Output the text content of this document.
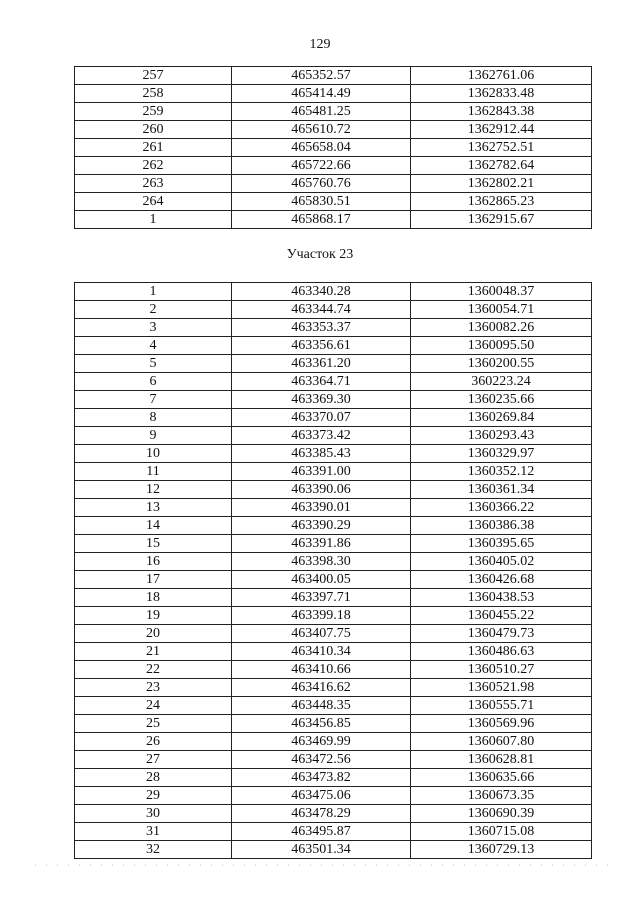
129
257	465352.57	1362761.06
258	465414.49	1362833.48
259	465481.25	1362843.38
260	465610.72	1362912.44
261	465658.04	1362752.51
262	465722.66	1362782.64
263	465760.76	1362802.21
264	465830.51	1362865.23
1	465868.17	1362915.67
Участок 23
1	463340.28	1360048.37
2	463344.74	1360054.71
3	463353.37	1360082.26
4	463356.61	1360095.50
5	463361.20	1360200.55
6	463364.71	360223.24
7	463369.30	1360235.66
8	463370.07	1360269.84
9	463373.42	1360293.43
10	463385.43	1360329.97
11	463391.00	1360352.12
12	463390.06	1360361.34
13	463390.01	1360366.22
14	463390.29	1360386.38
15	463391.86	1360395.65
16	463398.30	1360405.02
17	463400.05	1360426.68
18	463397.71	1360438.53
19	463399.18	1360455.22
20	463407.75	1360479.73
21	463410.34	1360486.63
22	463410.66	1360510.27
23	463416.62	1360521.98
24	463448.35	1360555.71
25	463456.85	1360569.96
26	463469.99	1360607.80
27	463472.56	1360628.81
28	463473.82	1360635.66
29	463475.06	1360673.35
30	463478.29	1360690.39
31	463495.87	1360715.08
32	463501.34	1360729.13
